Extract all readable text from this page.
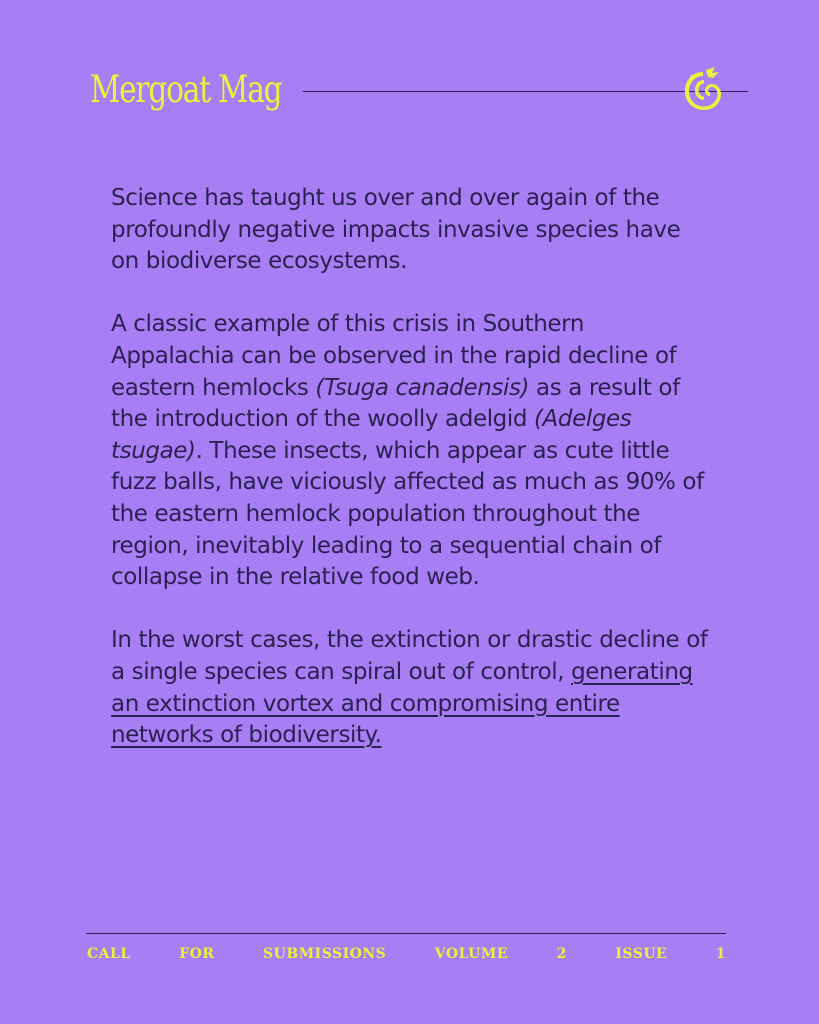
Mergoat Mag

Science has taught us over and over again of the profoundly negative impacts invasive species have on biodiverse ecosystems.

A classic example of this crisis in Southern Appalachia can be observed in the rapid decline of eastern hemlocks (Tsuga canadensis) as a result of the introduction of the woolly adelgid (Adelges tsugae). These insects, which appear as cute little fuzz balls, have viciously affected as much as 90% of the eastern hemlock population throughout the region, inevitably leading to a sequential chain of collapse in the relative food web.

In the worst cases, the extinction or drastic decline of a single species can spiral out of control, generating an extinction vortex and compromising entire networks of biodiversity.

CALL	FOR	SUBMISSIONS	VOLUME	2	ISSUE	1
